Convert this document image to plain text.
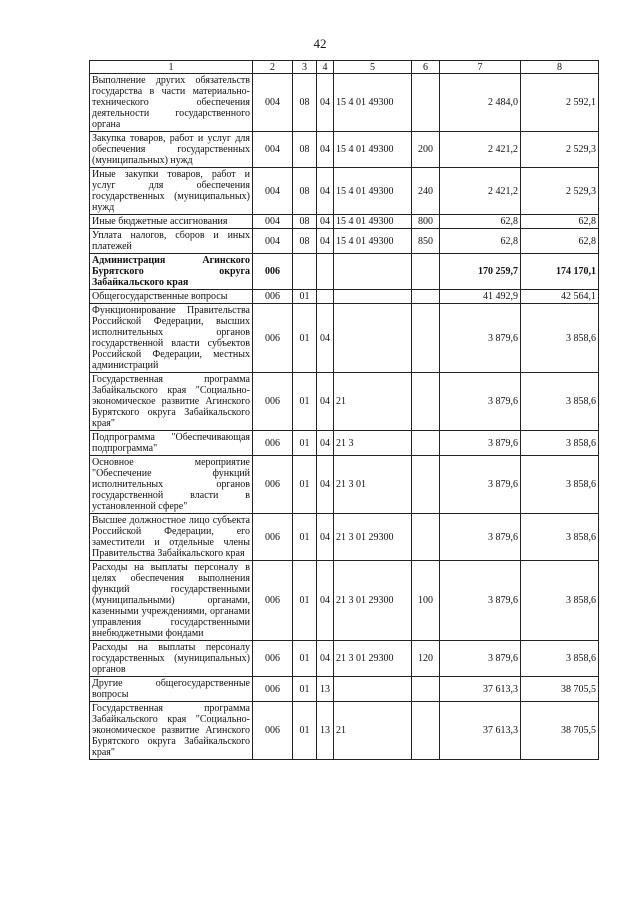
42
1	2	3	4	5	6	7	8
Выполнение других обязательств государства в части материально-технического обеспечения деятельности государственного органа	004	08	04	15 4 01 49300		2 484,0	2 592,1
Закупка товаров, работ и услуг для обеспечения государственных (муниципальных) нужд	004	08	04	15 4 01 49300	200	2 421,2	2 529,3
Иные закупки товаров, работ и услуг для обеспечения государственных (муниципальных) нужд	004	08	04	15 4 01 49300	240	2 421,2	2 529,3
Иные бюджетные ассигнования	004	08	04	15 4 01 49300	800	62,8	62,8
Уплата налогов, сборов и иных платежей	004	08	04	15 4 01 49300	850	62,8	62,8
Администрация Агинского Бурятского округа Забайкальского края	006					170 259,7	174 170,1
Общегосударственные вопросы	006	01				41 492,9	42 564,1
Функционирование Правительства Российской Федерации, высших исполнительных органов государственной власти субъектов Российской Федерации, местных администраций	006	01	04			3 879,6	3 858,6
Государственная программа Забайкальского края "Социально-экономическое развитие Агинского Бурятского округа Забайкальского края"	006	01	04	21		3 879,6	3 858,6
Подпрограмма "Обеспечивающая подпрограмма"	006	01	04	21 3		3 879,6	3 858,6
Основное мероприятие "Обеспечение функций исполнительных органов государственной власти в установленной сфере"	006	01	04	21 3 01		3 879,6	3 858,6
Высшее должностное лицо субъекта Российской Федерации, его заместители и отдельные члены Правительства Забайкальского края	006	01	04	21 3 01 29300		3 879,6	3 858,6
Расходы на выплаты персоналу в целях обеспечения выполнения функций государственными (муниципальными) органами, казенными учреждениями, органами управления государственными внебюджетными фондами	006	01	04	21 3 01 29300	100	3 879,6	3 858,6
Расходы на выплаты персоналу государственных (муниципальных) органов	006	01	04	21 3 01 29300	120	3 879,6	3 858,6
Другие общегосударственные вопросы	006	01	13			37 613,3	38 705,5
Государственная программа Забайкальского края "Социально-экономическое развитие Агинского Бурятского округа Забайкальского края"	006	01	13	21		37 613,3	38 705,5
